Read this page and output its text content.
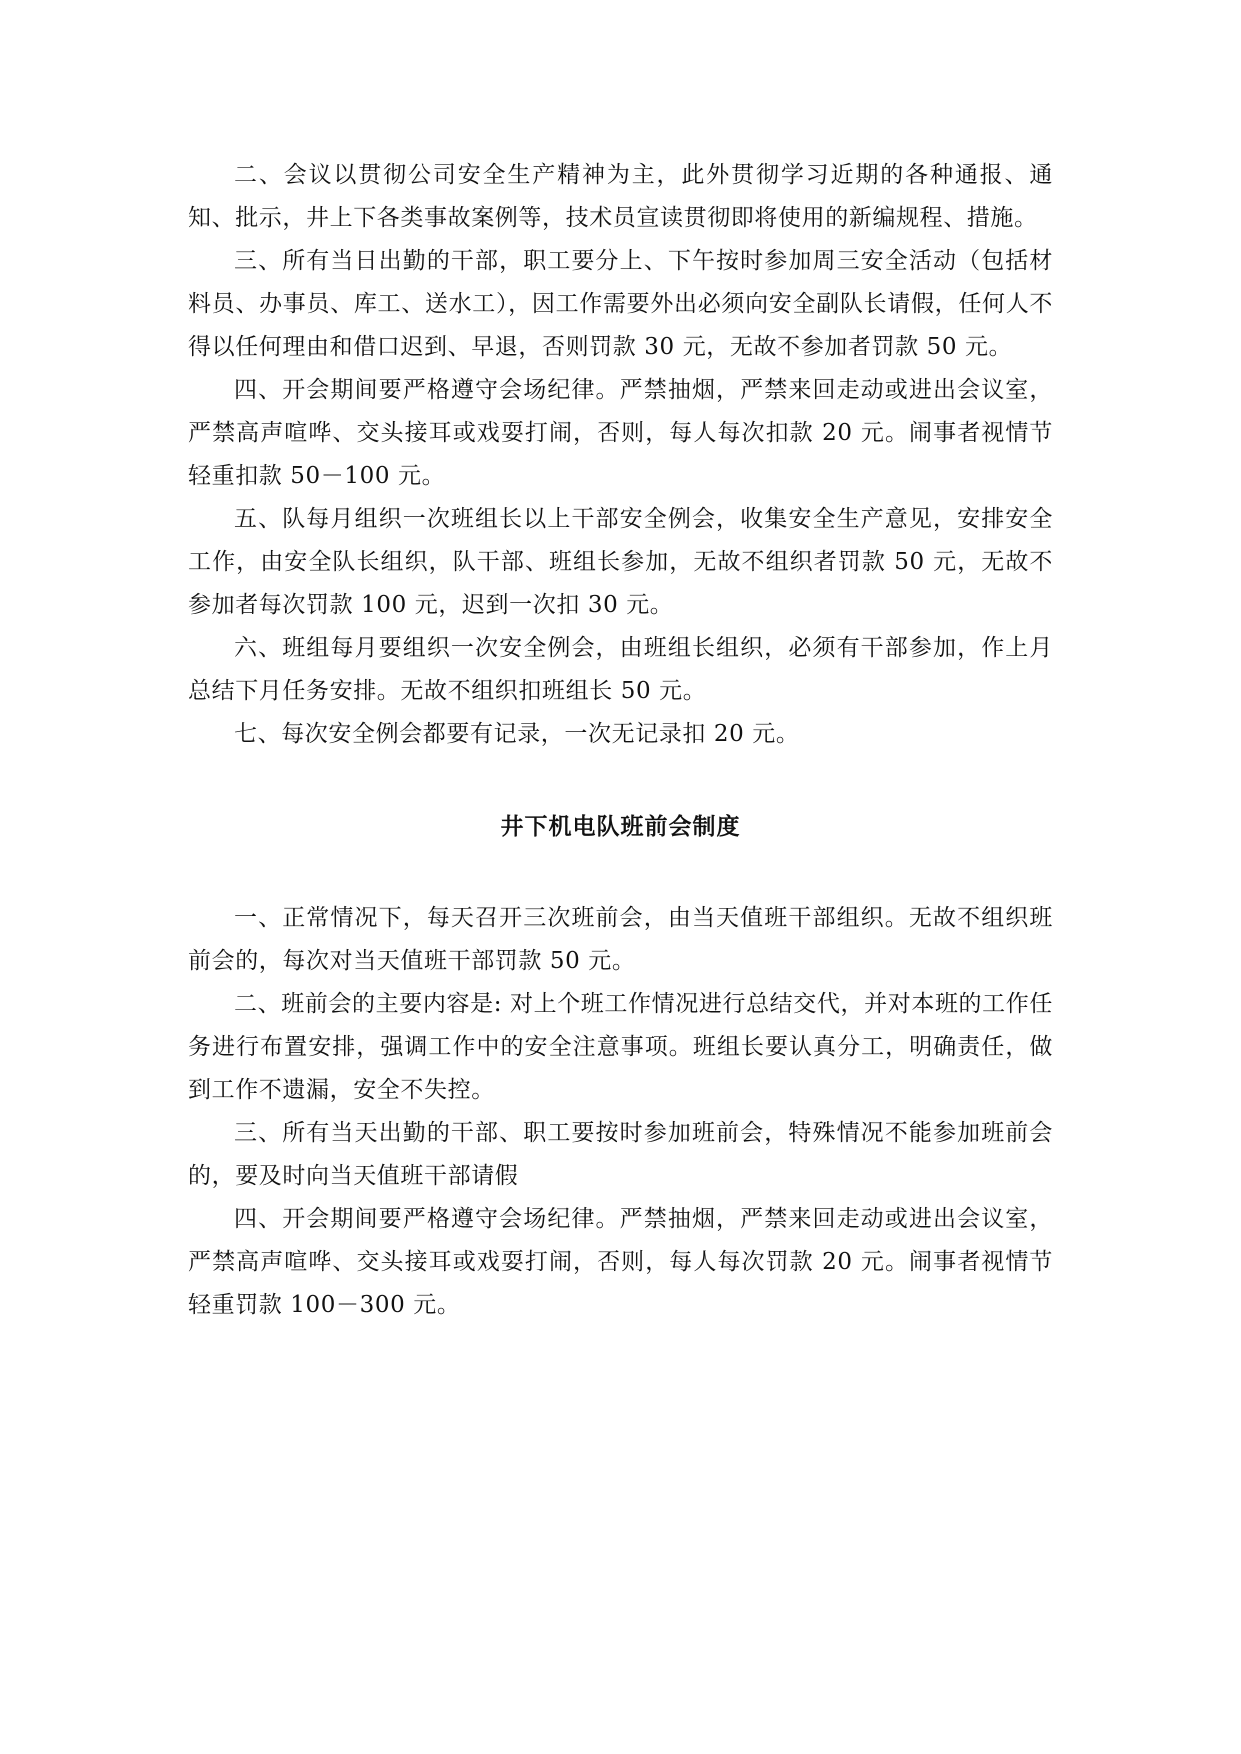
二、会议以贯彻公司安全生产精神为主，此外贯彻学习近期的各种通报、通知、批示，井上下各类事故案例等，技术员宣读贯彻即将使用的新编规程、措施。

三、所有当日出勤的干部，职工要分上、下午按时参加周三安全活动（包括材料员、办事员、库工、送水工），因工作需要外出必须向安全副队长请假，任何人不得以任何理由和借口迟到、早退，否则罚款 30 元，无故不参加者罚款 50 元。

四、开会期间要严格遵守会场纪律。严禁抽烟，严禁来回走动或进出会议室，严禁高声喧哗、交头接耳或戏耍打闹，否则，每人每次扣款 20 元。闹事者视情节轻重扣款 50－100 元。

五、队每月组织一次班组长以上干部安全例会，收集安全生产意见，安排安全工作，由安全队长组织，队干部、班组长参加，无故不组织者罚款 50 元，无故不参加者每次罚款 100 元，迟到一次扣 30 元。

六、班组每月要组织一次安全例会，由班组长组织，必须有干部参加，作上月总结下月任务安排。无故不组织扣班组长 50 元。

七、每次安全例会都要有记录，一次无记录扣 20 元。

井下机电队班前会制度

一、正常情况下，每天召开三次班前会，由当天值班干部组织。无故不组织班前会的，每次对当天值班干部罚款 50 元。

二、班前会的主要内容是: 对上个班工作情况进行总结交代，并对本班的工作任务进行布置安排，强调工作中的安全注意事项。班组长要认真分工，明确责任，做到工作不遗漏，安全不失控。

三、所有当天出勤的干部、职工要按时参加班前会，特殊情况不能参加班前会的，要及时向当天值班干部请假

四、开会期间要严格遵守会场纪律。严禁抽烟，严禁来回走动或进出会议室，严禁高声喧哗、交头接耳或戏耍打闹，否则，每人每次罚款 20 元。闹事者视情节轻重罚款 100－300 元。
